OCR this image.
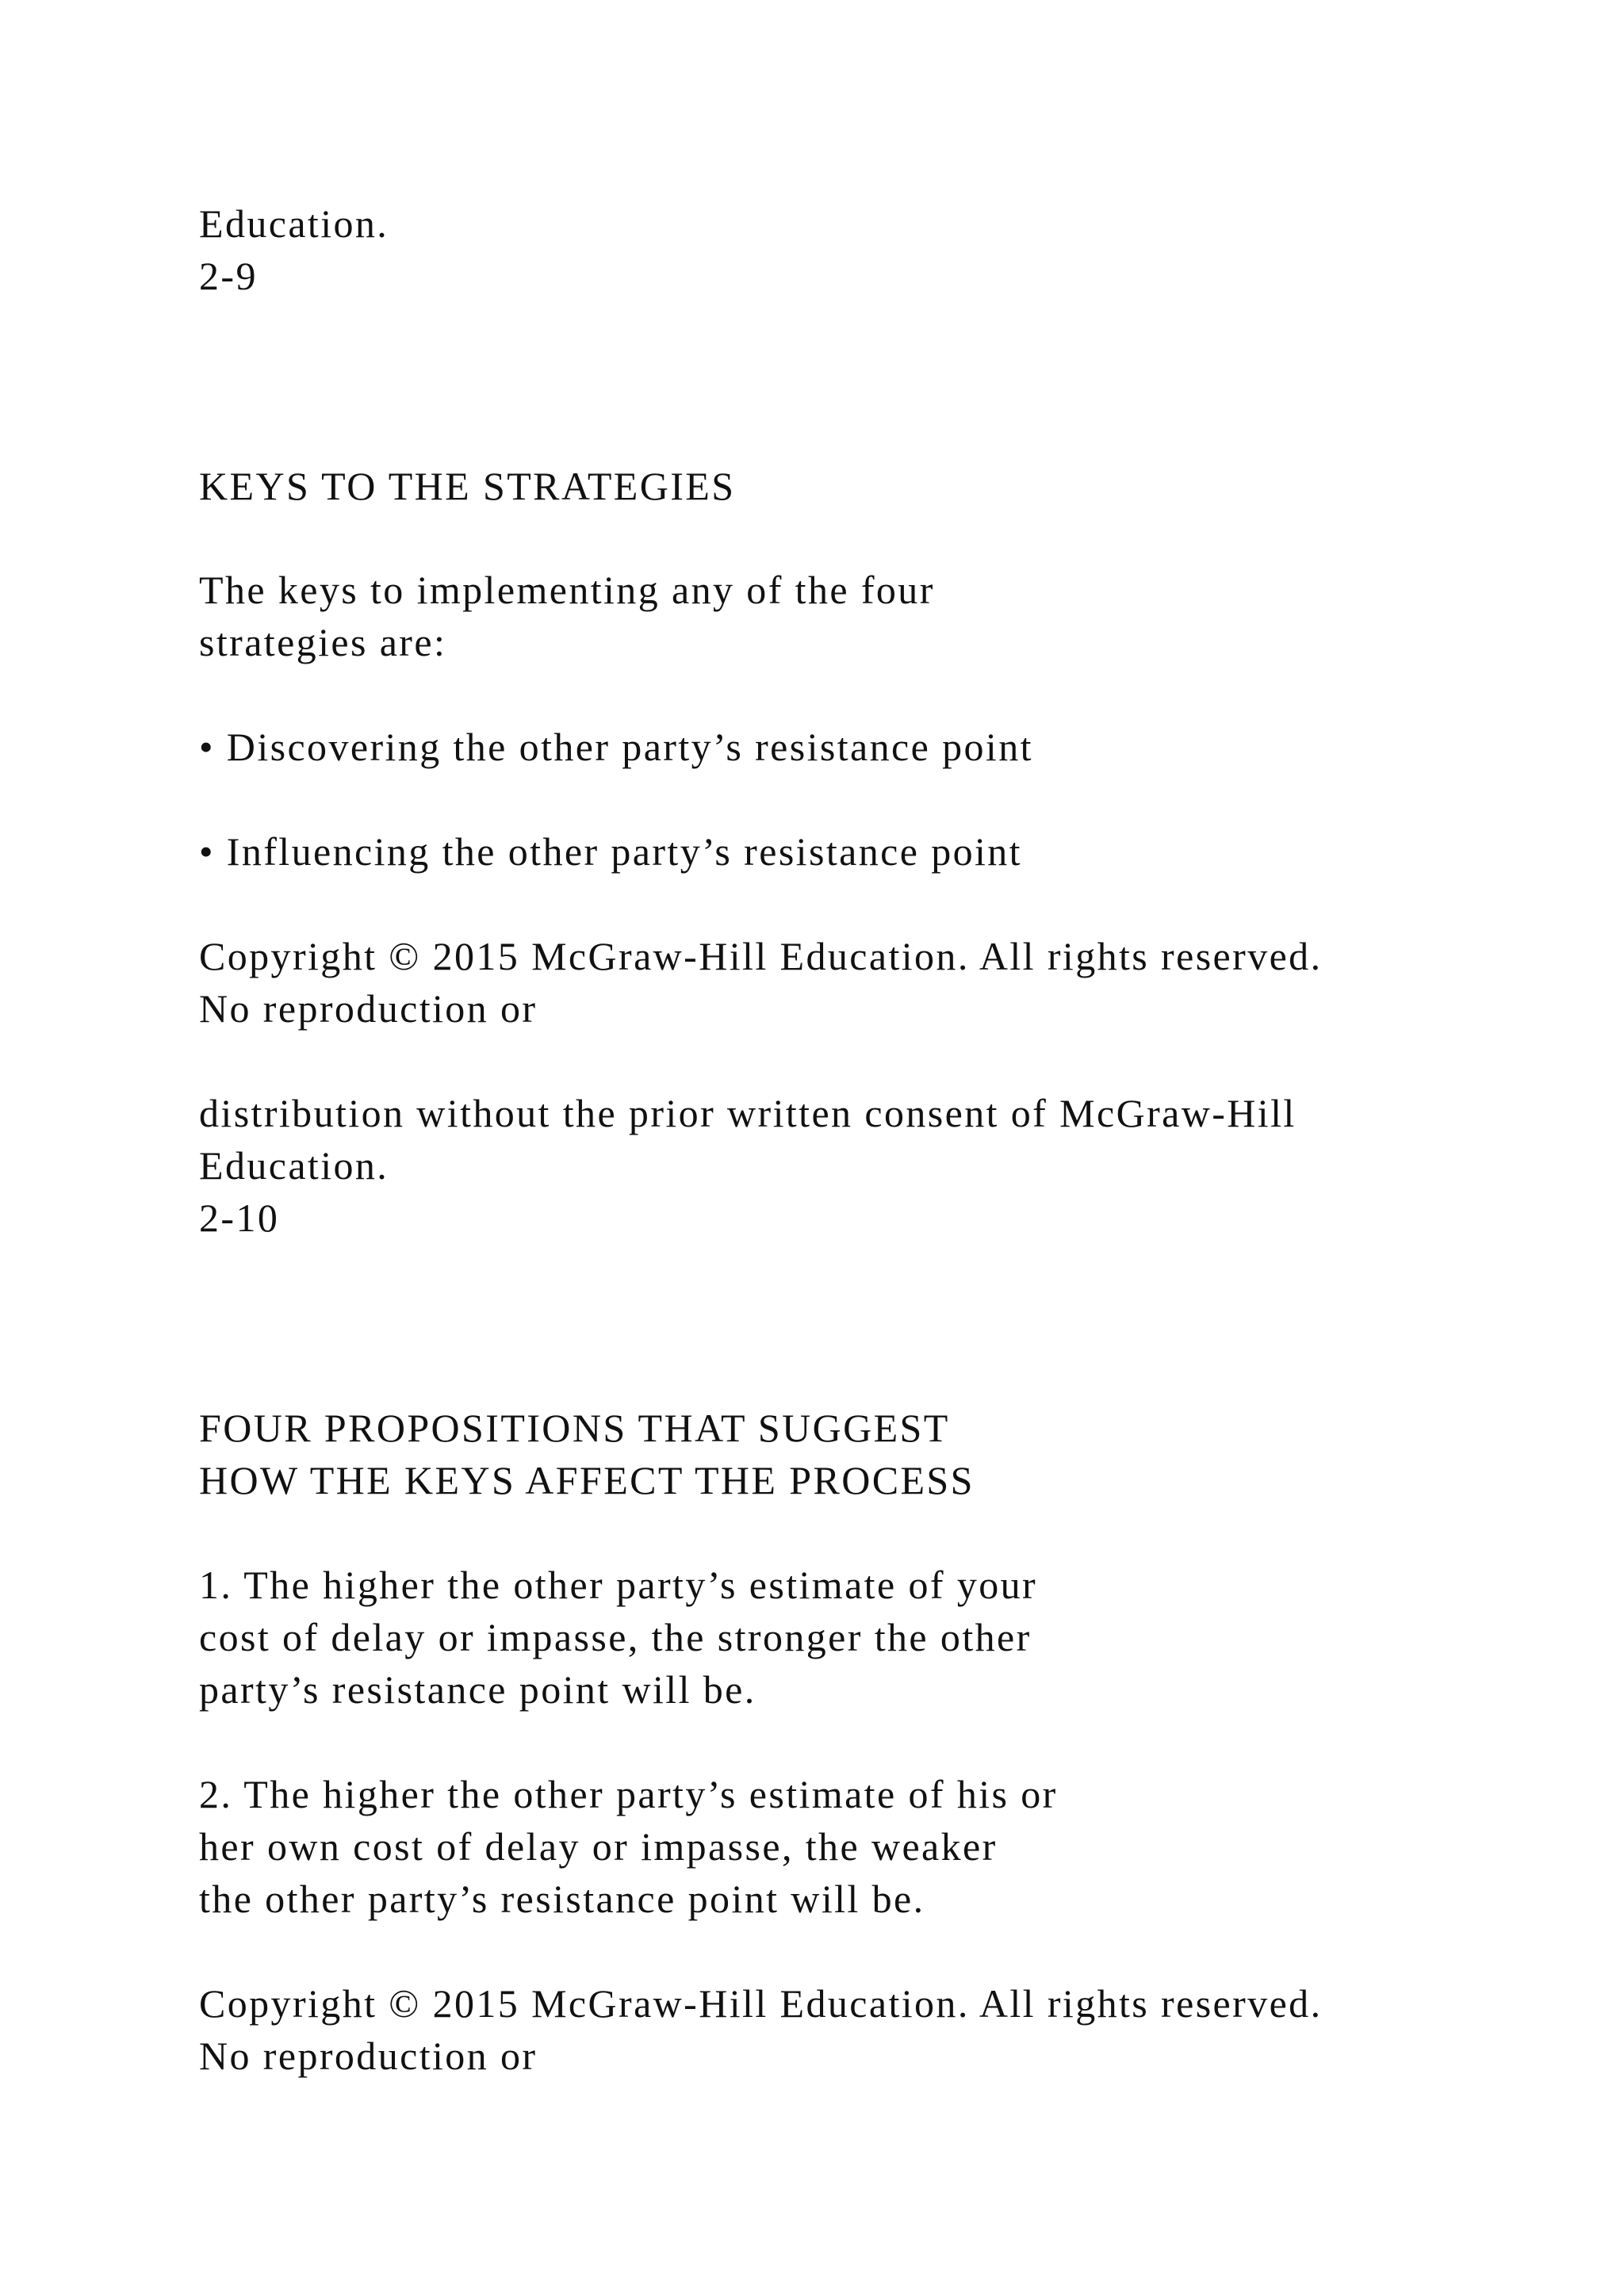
Education.

2-9

KEYS TO THE STRATEGIES

The keys to implementing any of the four

strategies are:

• Discovering the other party’s resistance point

• Influencing the other party’s resistance point

Copyright © 2015 McGraw-Hill Education. All rights reserved.

No reproduction or

distribution without the prior written consent of McGraw-Hill

Education.

2-10

FOUR PROPOSITIONS THAT SUGGEST

HOW THE KEYS AFFECT THE PROCESS

1. The higher the other party’s estimate of your

cost of delay or impasse, the stronger the other

party’s resistance point will be.

2. The higher the other party’s estimate of his or

her own cost of delay or impasse, the weaker

the other party’s resistance point will be.

Copyright © 2015 McGraw-Hill Education. All rights reserved.

No reproduction or
